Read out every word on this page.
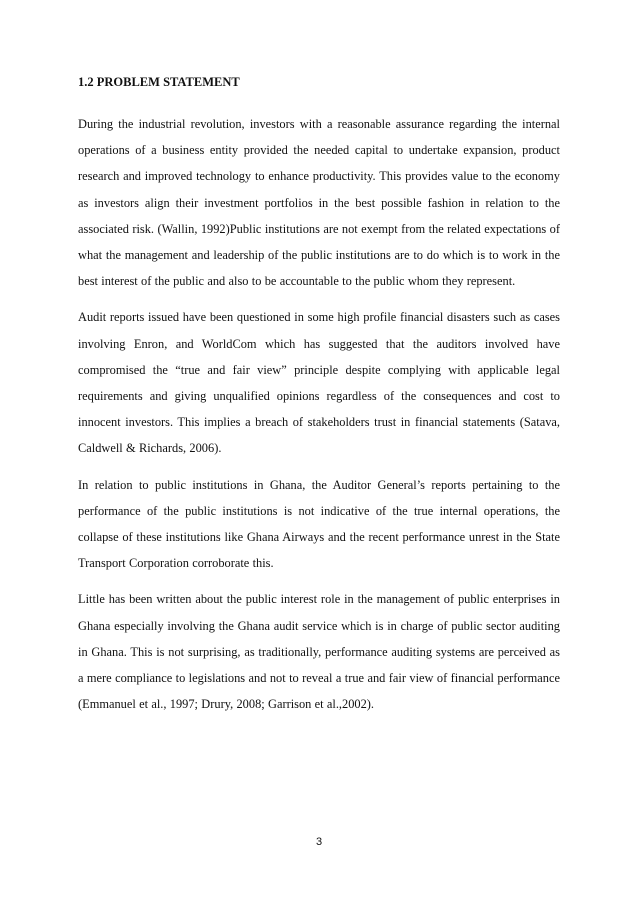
1.2 PROBLEM STATEMENT

During the industrial revolution, investors with a reasonable assurance regarding the internal operations of a business entity provided the needed capital to undertake expansion, product research and improved technology to enhance productivity. This provides value to the economy as investors align their investment portfolios in the best possible fashion in relation to the associated risk. (Wallin, 1992)Public institutions are not exempt from the related expectations of what the management and leadership of the public institutions are to do which is to work in the best interest of the public and also to be accountable to the public whom they represent.

Audit reports issued have been questioned in some high profile financial disasters such as cases involving Enron, and WorldCom which has suggested that the auditors involved have compromised the “true and fair view” principle despite complying with applicable legal requirements and giving unqualified opinions regardless of the consequences and cost to innocent investors. This implies a breach of stakeholders trust in financial statements (Satava, Caldwell & Richards, 2006).

In relation to public institutions in Ghana, the Auditor General’s reports pertaining to the performance of the public institutions is not indicative of the true internal operations, the collapse of these institutions like Ghana Airways and the recent performance unrest in the State Transport Corporation corroborate this.

Little has been written about the public interest role in the management of public enterprises in Ghana especially involving the Ghana audit service which is in charge of public sector auditing in Ghana. This is not surprising, as traditionally, performance auditing systems are perceived as a mere compliance to legislations and not to reveal a true and fair view of financial performance (Emmanuel et al., 1997; Drury, 2008; Garrison et al.,2002).

3
